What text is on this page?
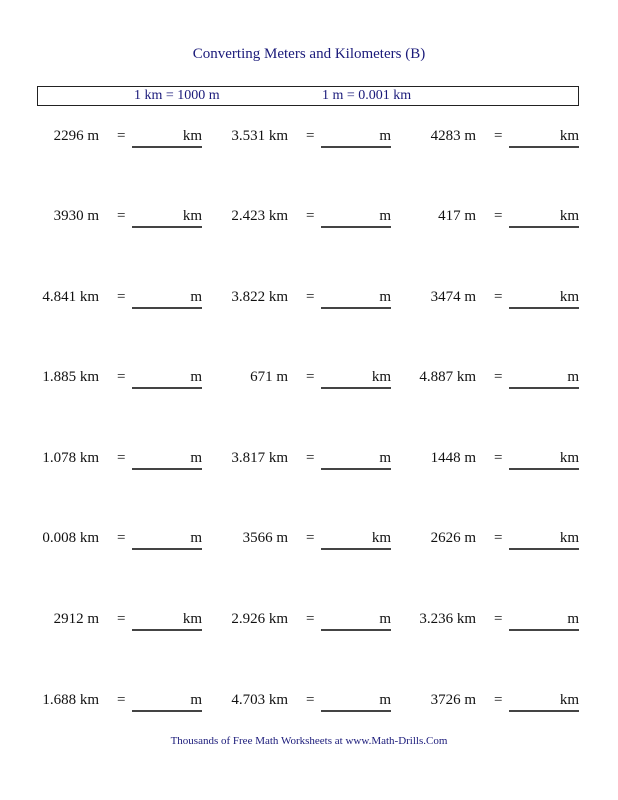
Converting Meters and Kilometers (B)
1 km = 1000 m	1 m = 0.001 km
2296 m =	km 3.531 km =	m	4283 m =	km
3930 m =	km 2.423 km =	m	417 m =	km
4.841 km =	m 3.822 km =	m	3474 m =	km
1.885 km =	m	671 m =	km 4.887 km =	m
1.078 km =	m 3.817 km =	m	1448 m =	km
0.008 km =	m	3566 m =	km	2626 m =	km
2912 m =	km 2.926 km =	m 3.236 km =	m
1.688 km =	m 4.703 km =	m	3726 m =	km
Thousands of Free Math Worksheets at www.Math-Drills.Com
